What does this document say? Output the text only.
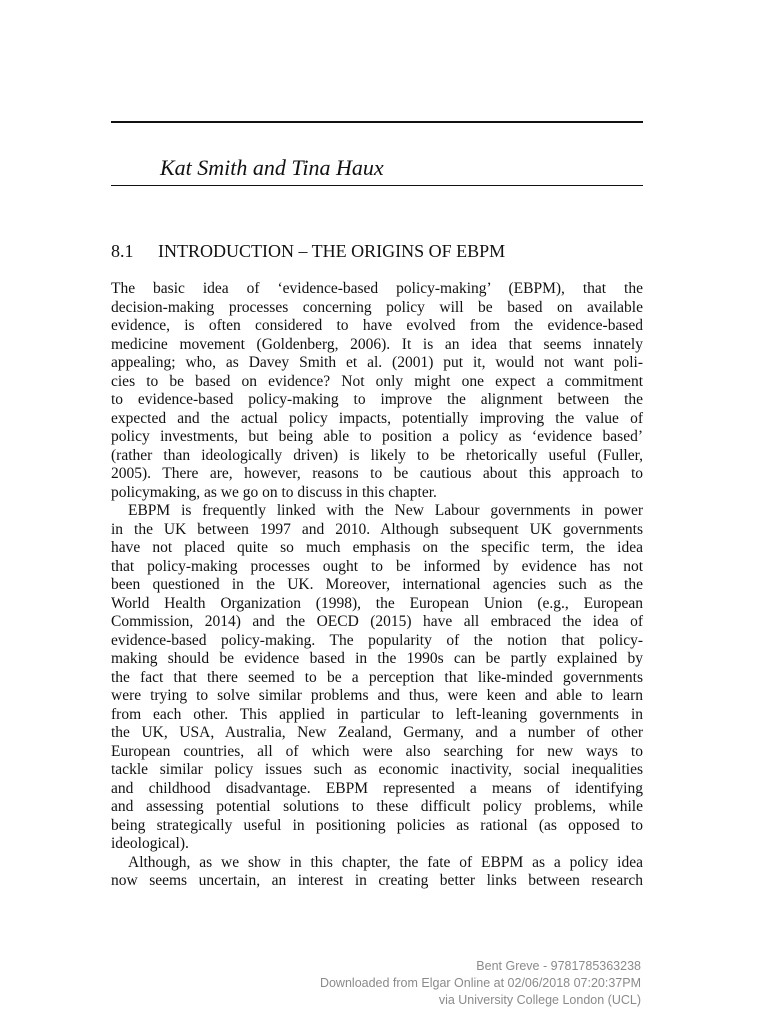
Kat Smith and Tina Haux
8.1 INTRODUCTION – THE ORIGINS OF EBPM
The basic idea of ‘evidence-based policy-making’ (EBPM), that the
decision-making processes concerning policy will be based on available
evidence, is often considered to have evolved from the evidence-based
medicine movement (Goldenberg, 2006). It is an idea that seems innately
appealing; who, as Davey Smith et al. (2001) put it, would not want poli-
cies to be based on evidence? Not only might one expect a commitment
to evidence-based policy-making to improve the alignment between the
expected and the actual policy impacts, potentially improving the value of
policy investments, but being able to position a policy as ‘evidence based’
(rather than ideologically driven) is likely to be rhetorically useful (Fuller,
2005). There are, however, reasons to be cautious about this approach to
policymaking, as we go on to discuss in this chapter.
EBPM is frequently linked with the New Labour governments in power
in the UK between 1997 and 2010. Although subsequent UK governments
have not placed quite so much emphasis on the specific term, the idea
that policy-making processes ought to be informed by evidence has not
been questioned in the UK. Moreover, international agencies such as the
World Health Organization (1998), the European Union (e.g., European
Commission, 2014) and the OECD (2015) have all embraced the idea of
evidence-based policy-making. The popularity of the notion that policy-
making should be evidence based in the 1990s can be partly explained by
the fact that there seemed to be a perception that like-minded governments
were trying to solve similar problems and thus, were keen and able to learn
from each other. This applied in particular to left-leaning governments in
the UK, USA, Australia, New Zealand, Germany, and a number of other
European countries, all of which were also searching for new ways to
tackle similar policy issues such as economic inactivity, social inequalities
and childhood disadvantage. EBPM represented a means of identifying
and assessing potential solutions to these difficult policy problems, while
being strategically useful in positioning policies as rational (as opposed to
ideological).
Although, as we show in this chapter, the fate of EBPM as a policy idea
now seems uncertain, an interest in creating better links between research
Bent Greve - 9781785363238
Downloaded from Elgar Online at 02/06/2018 07:20:37PM
via University College London (UCL)
